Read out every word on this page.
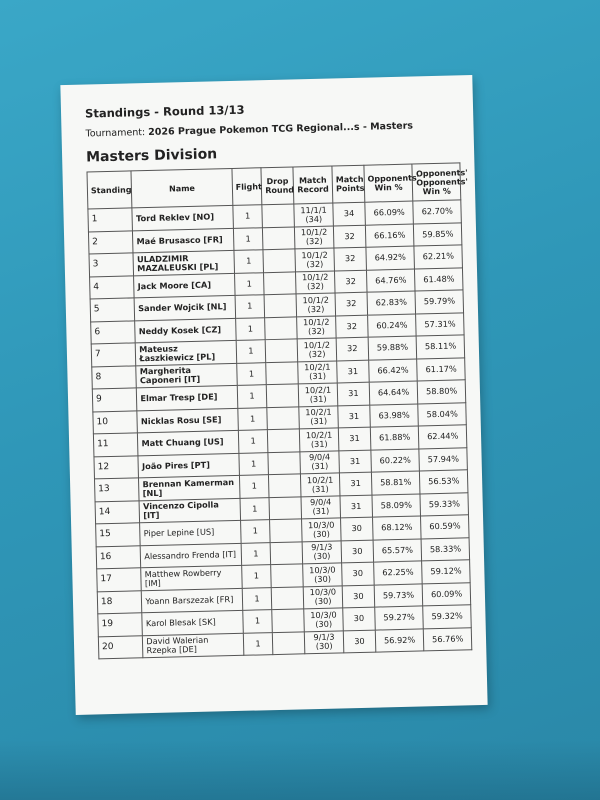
Standings - Round 13/13
Tournament: 2026 Prague Pokemon TCG Regional...s - Masters
Masters Division
Standing	Name	Flight	Drop Round	Match Record	Match Points	Opponents' Win %	Opponents' Opponents' Win %
1	Tord Reklev [NO]	1		11/1/1 (34)	34	66.09%	62.70%
2	Maé Brusasco [FR]	1		10/1/2 (32)	32	66.16%	59.85%
3	ULADZIMIR MAZALEUSKI [PL]	1		10/1/2 (32)	32	64.92%	62.21%
4	Jack Moore [CA]	1		10/1/2 (32)	32	64.76%	61.48%
5	Sander Wojcik [NL]	1		10/1/2 (32)	32	62.83%	59.79%
6	Neddy Kosek [CZ]	1		10/1/2 (32)	32	60.24%	57.31%
7	Mateusz Łaszkiewicz [PL]	1		10/1/2 (32)	32	59.88%	58.11%
8	Margherita Caponeri [IT]	1		10/2/1 (31)	31	66.42%	61.17%
9	Elmar Tresp [DE]	1		10/2/1 (31)	31	64.64%	58.80%
10	Nicklas Rosu [SE]	1		10/2/1 (31)	31	63.98%	58.04%
11	Matt Chuang [US]	1		10/2/1 (31)	31	61.88%	62.44%
12	João Pires [PT]	1		9/0/4 (31)	31	60.22%	57.94%
13	Brennan Kamerman [NL]	1		10/2/1 (31)	31	58.81%	56.53%
14	Vincenzo Cipolla [IT]	1		9/0/4 (31)	31	58.09%	59.33%
15	Piper Lepine [US]	1		10/3/0 (30)	30	68.12%	60.59%
16	Alessandro Frenda [IT]	1		9/1/3 (30)	30	65.57%	58.33%
17	Matthew Rowberry [IM]	1		10/3/0 (30)	30	62.25%	59.12%
18	Yoann Barszezak [FR]	1		10/3/0 (30)	30	59.73%	60.09%
19	Karol Blesak [SK]	1		10/3/0 (30)	30	59.27%	59.32%
20	David Walerian Rzepka [DE]	1		9/1/3 (30)	30	56.92%	56.76%
